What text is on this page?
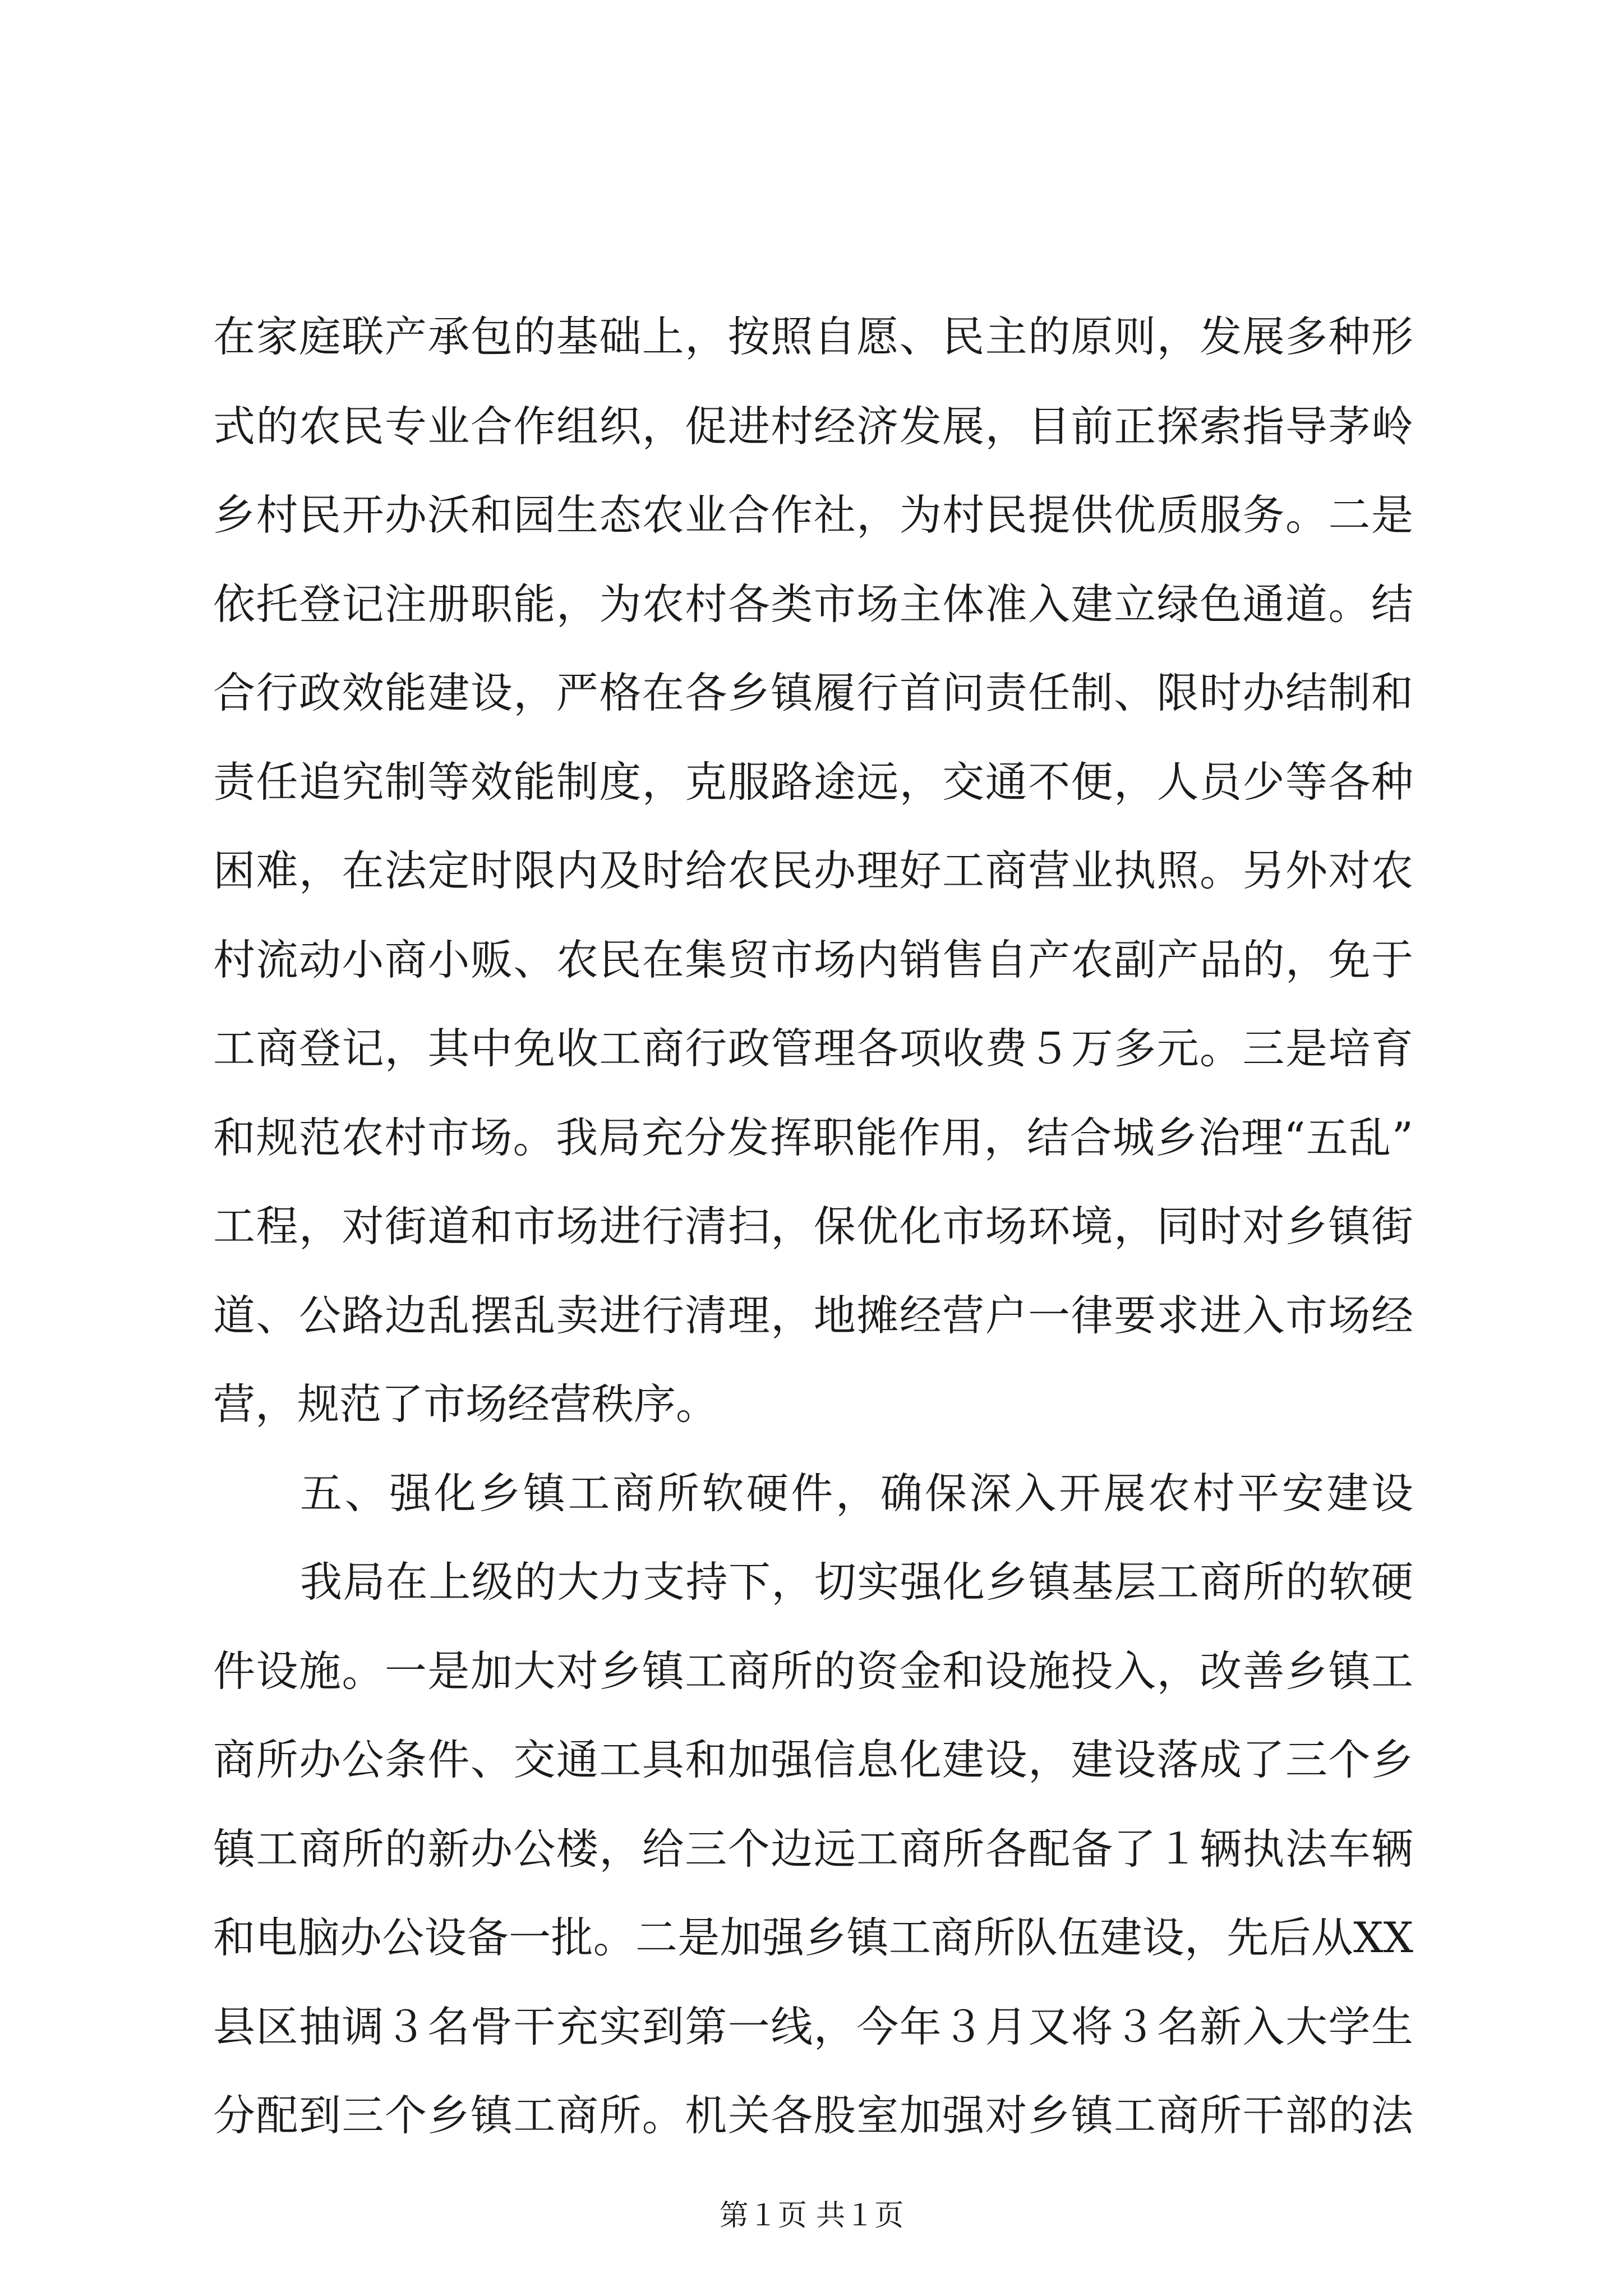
在家庭联产承包的基础上，按照自愿、民主的原则，发展多种形
式的农民专业合作组织，促进村经济发展，目前正探索指导茅岭
乡村民开办沃和园生态农业合作社，为村民提供优质服务。二是
依托登记注册职能，为农村各类市场主体准入建立绿色通道。结
合行政效能建设，严格在各乡镇履行首问责任制、限时办结制和
责任追究制等效能制度，克服路途远，交通不便，人员少等各种
困难，在法定时限内及时给农民办理好工商营业执照。另外对农
村流动小商小贩、农民在集贸市场内销售自产农副产品的，免于
工商登记，其中免收工商行政管理各项收费５万多元。三是培育
和规范农村市场。我局充分发挥职能作用，结合城乡治理“五乱”
工程，对街道和市场进行清扫，保优化市场环境，同时对乡镇街
道、公路边乱摆乱卖进行清理，地摊经营户一律要求进入市场经
营，规范了市场经营秩序。
五、强化乡镇工商所软硬件，确保深入开展农村平安建设
我局在上级的大力支持下，切实强化乡镇基层工商所的软硬
件设施。一是加大对乡镇工商所的资金和设施投入，改善乡镇工
商所办公条件、交通工具和加强信息化建设，建设落成了三个乡
镇工商所的新办公楼，给三个边远工商所各配备了１辆执法车辆
和电脑办公设备一批。二是加强乡镇工商所队伍建设，先后从XX
县区抽调３名骨干充实到第一线，今年３月又将３名新入大学生
分配到三个乡镇工商所。机关各股室加强对乡镇工商所干部的法
第１页 共１页
